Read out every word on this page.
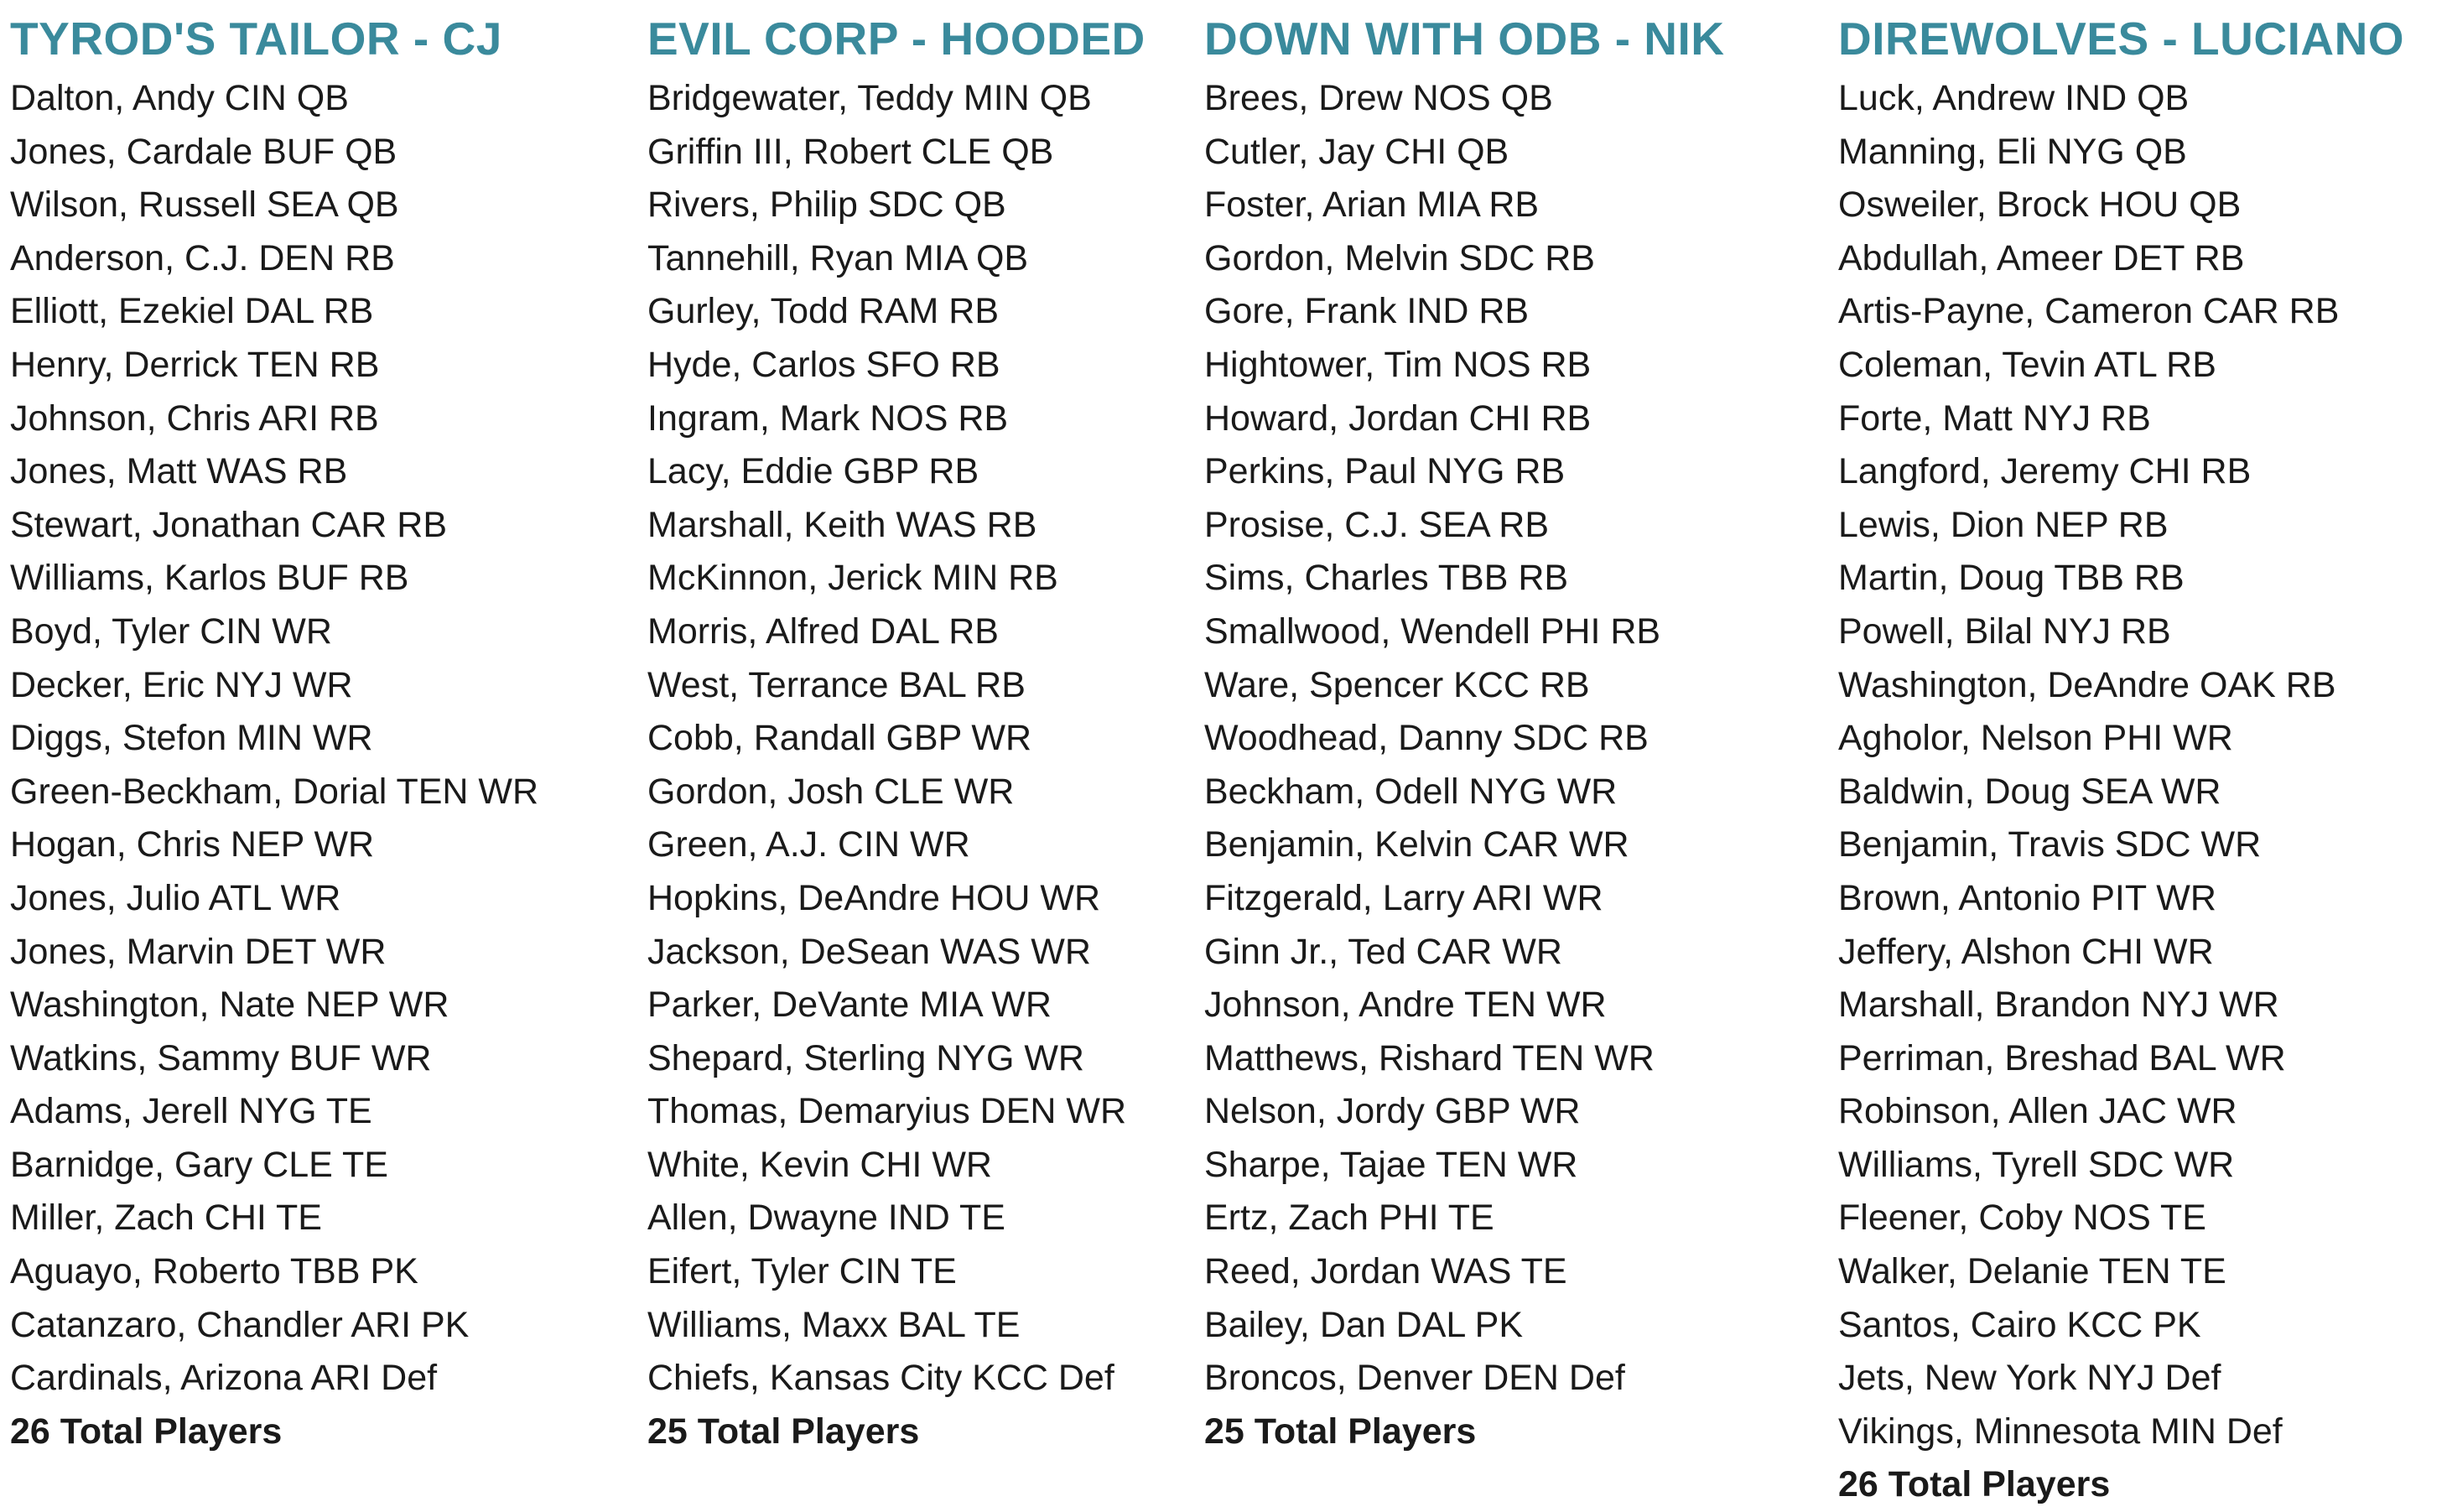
TYROD'S TAILOR - CJ
Dalton, Andy CIN QB
Jones, Cardale BUF QB
Wilson, Russell SEA QB
Anderson, C.J. DEN RB
Elliott, Ezekiel DAL RB
Henry, Derrick TEN RB
Johnson, Chris ARI RB
Jones, Matt WAS RB
Stewart, Jonathan CAR RB
Williams, Karlos BUF RB
Boyd, Tyler CIN WR
Decker, Eric NYJ WR
Diggs, Stefon MIN WR
Green-Beckham, Dorial TEN WR
Hogan, Chris NEP WR
Jones, Julio ATL WR
Jones, Marvin DET WR
Washington, Nate NEP WR
Watkins, Sammy BUF WR
Adams, Jerell NYG TE
Barnidge, Gary CLE TE
Miller, Zach CHI TE
Aguayo, Roberto TBB PK
Catanzaro, Chandler ARI PK
Cardinals, Arizona ARI Def
26 Total Players
EVIL CORP - HOODED
Bridgewater, Teddy MIN QB
Griffin III, Robert CLE QB
Rivers, Philip SDC QB
Tannehill, Ryan MIA QB
Gurley, Todd RAM RB
Hyde, Carlos SFO RB
Ingram, Mark NOS RB
Lacy, Eddie GBP RB
Marshall, Keith WAS RB
McKinnon, Jerick MIN RB
Morris, Alfred DAL RB
West, Terrance BAL RB
Cobb, Randall GBP WR
Gordon, Josh CLE WR
Green, A.J. CIN WR
Hopkins, DeAndre HOU WR
Jackson, DeSean WAS WR
Parker, DeVante MIA WR
Shepard, Sterling NYG WR
Thomas, Demaryius DEN WR
White, Kevin CHI WR
Allen, Dwayne IND TE
Eifert, Tyler CIN TE
Williams, Maxx BAL TE
Chiefs, Kansas City KCC Def
25 Total Players
DOWN WITH ODB - NIK
Brees, Drew NOS QB
Cutler, Jay CHI QB
Foster, Arian MIA RB
Gordon, Melvin SDC RB
Gore, Frank IND RB
Hightower, Tim NOS RB
Howard, Jordan CHI RB
Perkins, Paul NYG RB
Prosise, C.J. SEA RB
Sims, Charles TBB RB
Smallwood, Wendell PHI RB
Ware, Spencer KCC RB
Woodhead, Danny SDC RB
Beckham, Odell NYG WR
Benjamin, Kelvin CAR WR
Fitzgerald, Larry ARI WR
Ginn Jr., Ted CAR WR
Johnson, Andre TEN WR
Matthews, Rishard TEN WR
Nelson, Jordy GBP WR
Sharpe, Tajae TEN WR
Ertz, Zach PHI TE
Reed, Jordan WAS TE
Bailey, Dan DAL PK
Broncos, Denver DEN Def
25 Total Players
DIREWOLVES - LUCIANO
Luck, Andrew IND QB
Manning, Eli NYG QB
Osweiler, Brock HOU QB
Abdullah, Ameer DET RB
Artis-Payne, Cameron CAR RB
Coleman, Tevin ATL RB
Forte, Matt NYJ RB
Langford, Jeremy CHI RB
Lewis, Dion NEP RB
Martin, Doug TBB RB
Powell, Bilal NYJ RB
Washington, DeAndre OAK RB
Agholor, Nelson PHI WR
Baldwin, Doug SEA WR
Benjamin, Travis SDC WR
Brown, Antonio PIT WR
Jeffery, Alshon CHI WR
Marshall, Brandon NYJ WR
Perriman, Breshad BAL WR
Robinson, Allen JAC WR
Williams, Tyrell SDC WR
Fleener, Coby NOS TE
Walker, Delanie TEN TE
Santos, Cairo KCC PK
Jets, New York NYJ Def
Vikings, Minnesota MIN Def
26 Total Players
